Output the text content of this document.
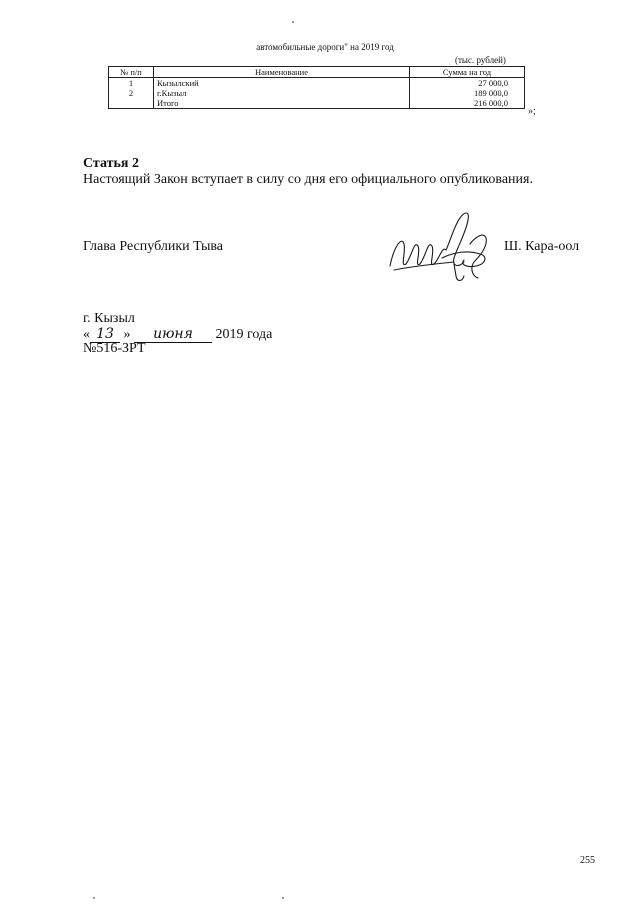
автомобильные дороги" на 2019 год
(тыс. рублей)
№ п/п	Наименование	Сумма на год
1	Кызылский	27 000,0
2	г.Кызыл	189 000,0
	Итого	216 000,0
»;
Статья 2
Настоящий Закон вступает в силу со дня его официального опубликования.
Глава Республики Тыва	Ш. Кара-оол
г. Кызыл
« 13 » июня 2019 года
№516-ЗРТ
255
